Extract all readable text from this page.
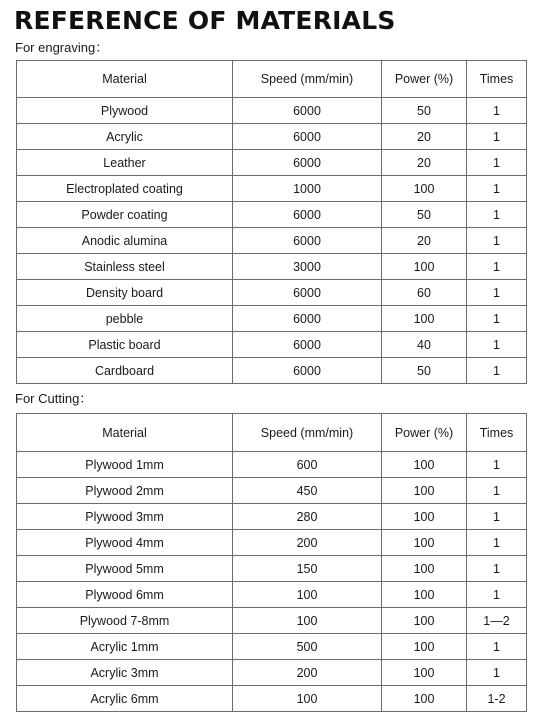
REFERENCE OF MATERIALS
For engraving：
Material	Speed (mm/min)	Power (%)	Times
Plywood	6000	50	1
Acrylic	6000	20	1
Leather	6000	20	1
Electroplated coating	1000	100	1
Powder coating	6000	50	1
Anodic alumina	6000	20	1
Stainless steel	3000	100	1
Density board	6000	60	1
pebble	6000	100	1
Plastic board	6000	40	1
Cardboard	6000	50	1
For Cutting：
Material	Speed (mm/min)	Power (%)	Times
Plywood 1mm	600	100	1
Plywood 2mm	450	100	1
Plywood 3mm	280	100	1
Plywood 4mm	200	100	1
Plywood 5mm	150	100	1
Plywood 6mm	100	100	1
Plywood 7-8mm	100	100	1—2
Acrylic 1mm	500	100	1
Acrylic 3mm	200	100	1
Acrylic 6mm	100	100	1-2
